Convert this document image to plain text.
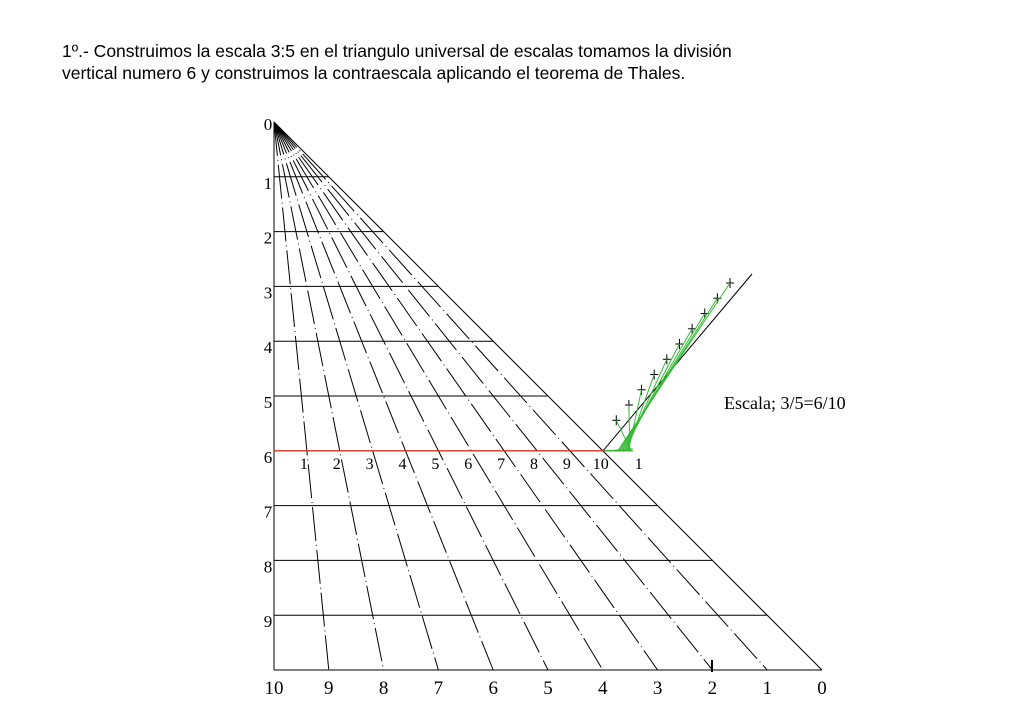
1º.- Construimos la escala 3:5 en el triangulo universal de escalas tomamos la división
vertical numero 6 y construimos la contraescala aplicando el teorema de Thales.

0
1
2
3
4
5
6
7
8
9
10 9 8 7 6 5 4 3 2 1 0
1 2 3 4 5 6 7 8 9 10 1
Escala; 3/5=6/10
